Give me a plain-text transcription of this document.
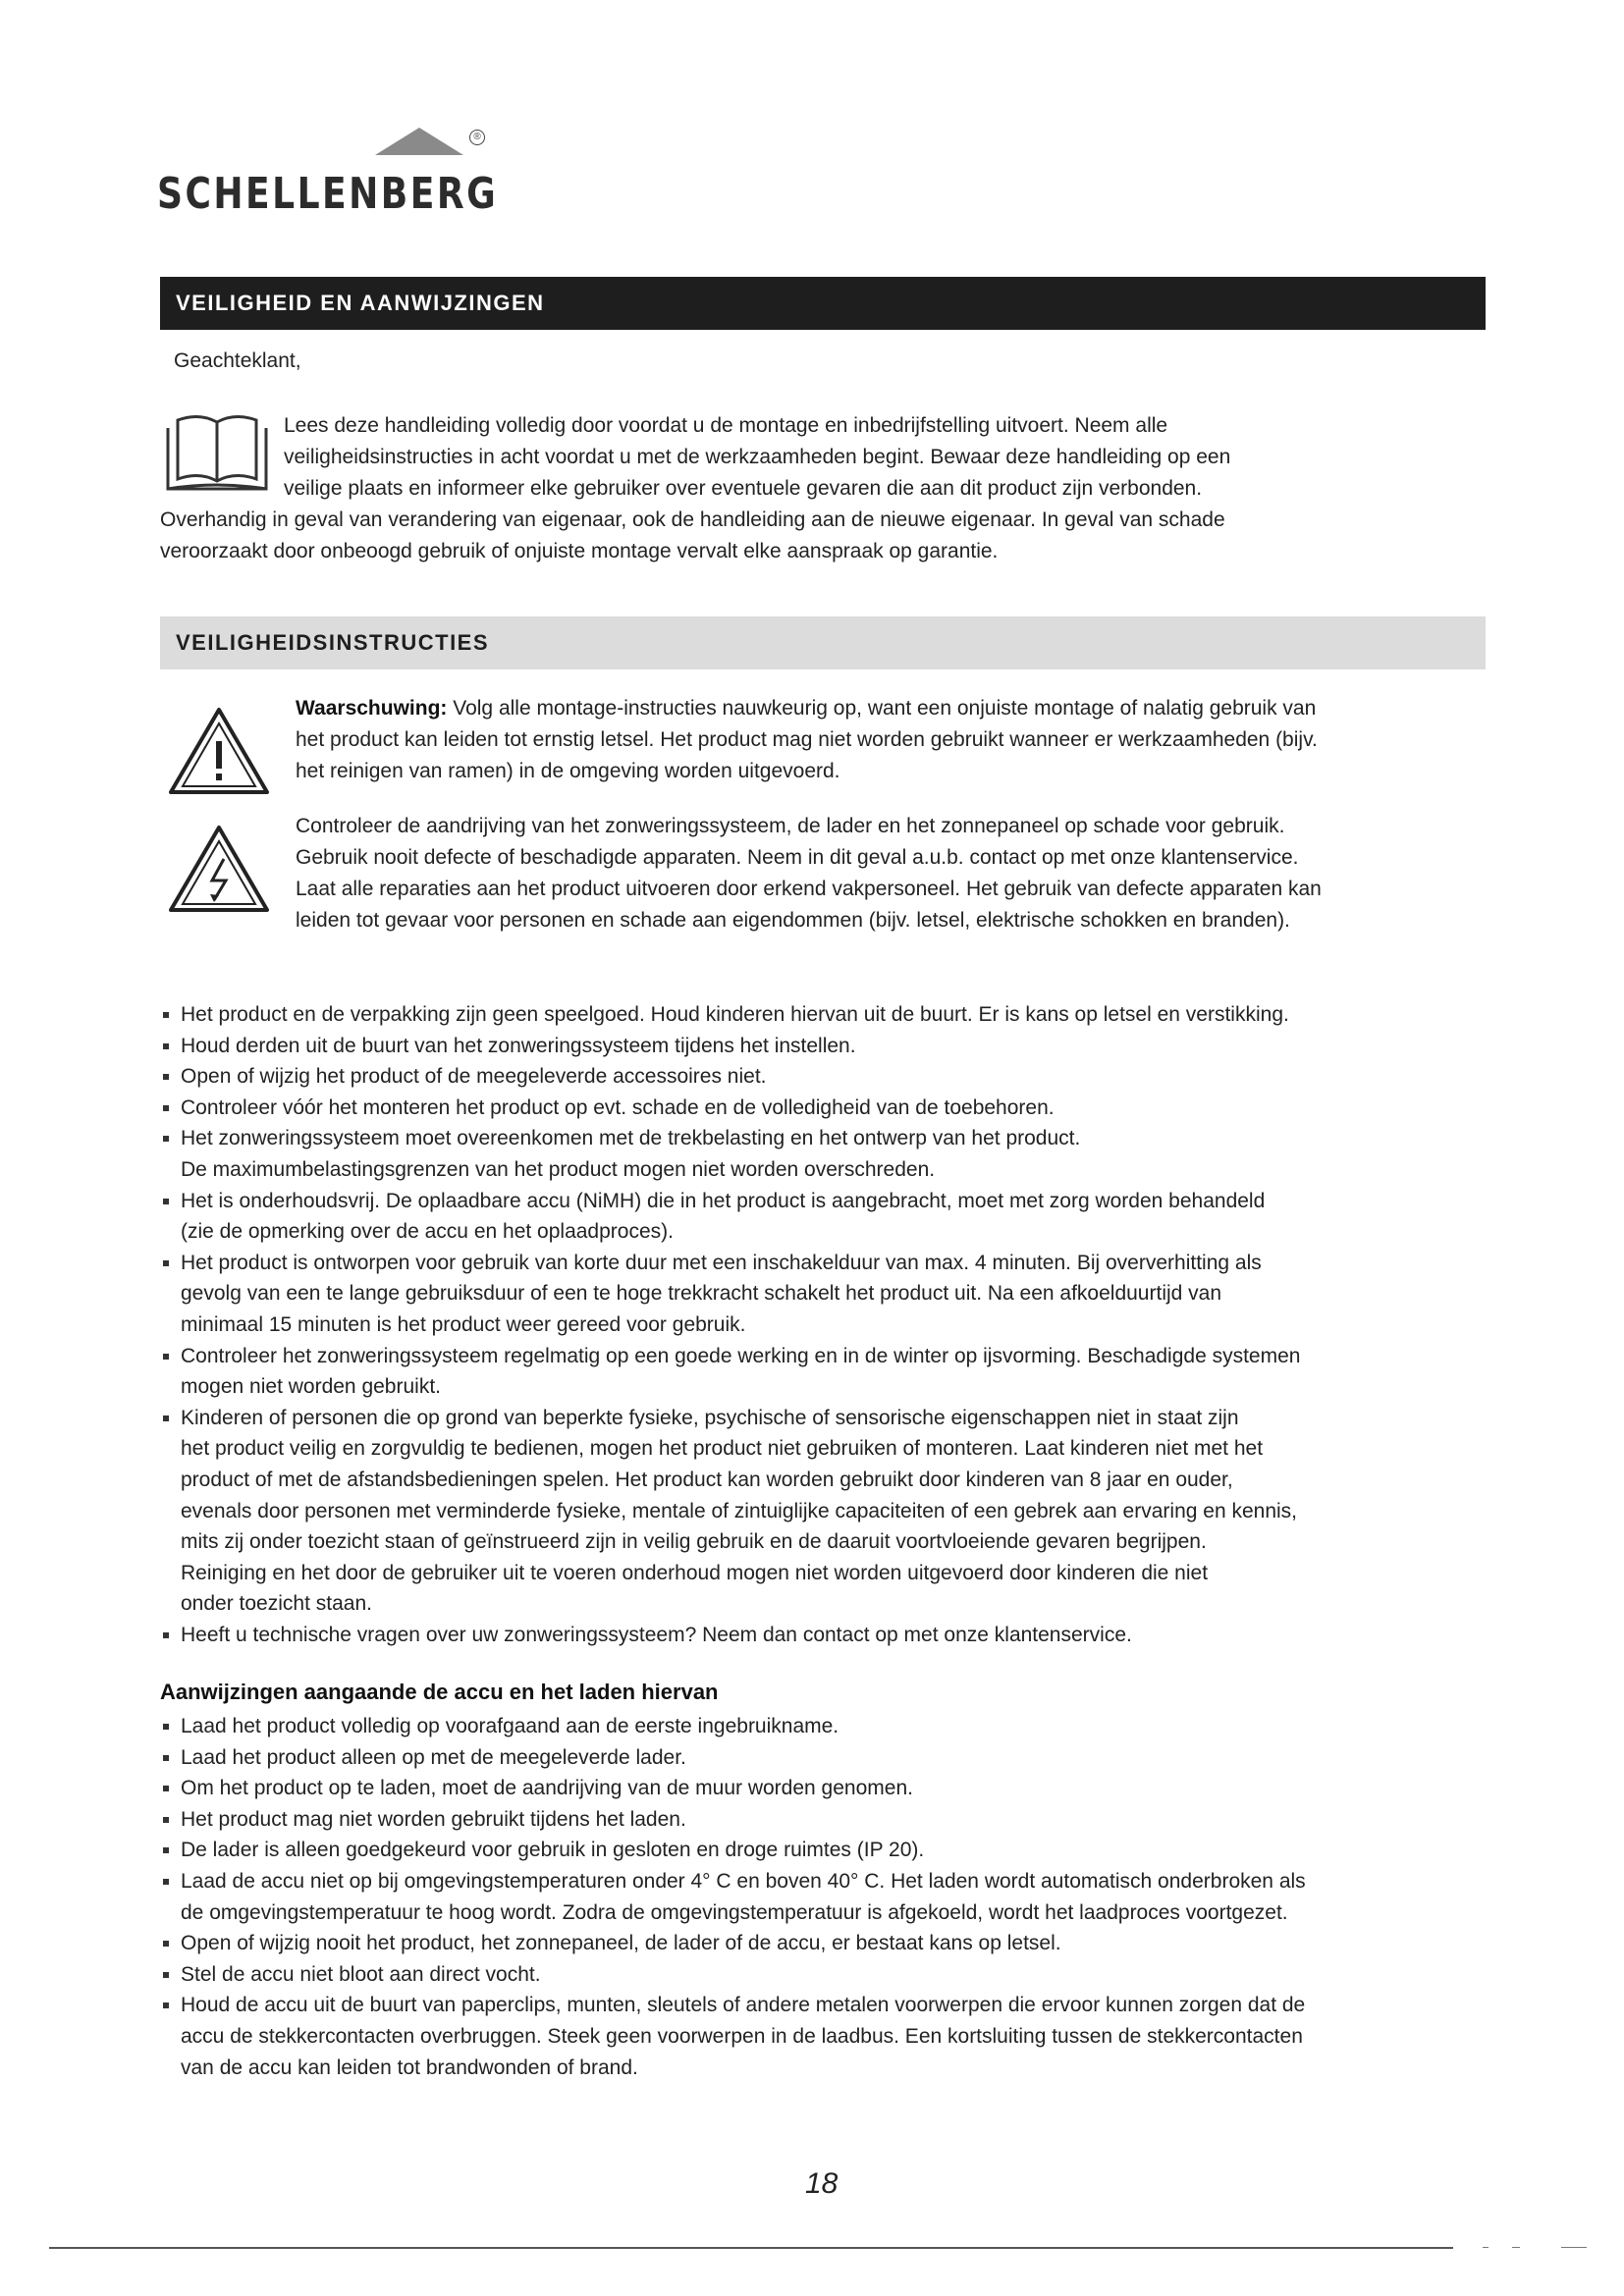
®
SCHELLENBERG
VEILIGHEID EN AANWIJZINGEN
Geachteklant,
Lees deze handleiding volledig door voordat u de montage en inbedrijfstelling uitvoert. Neem alle
veiligheidsinstructies in acht voordat u met de werkzaamheden begint. Bewaar deze handleiding op een
veilige plaats en informeer elke gebruiker over eventuele gevaren die aan dit product zijn verbonden.
Overhandig in geval van verandering van eigenaar, ook de handleiding aan de nieuwe eigenaar. In geval van schade
veroorzaakt door onbeoogd gebruik of onjuiste montage vervalt elke aanspraak op garantie.
VEILIGHEIDSINSTRUCTIES
Waarschuwing: Volg alle montage-instructies nauwkeurig op, want een onjuiste montage of nalatig gebruik van
het product kan leiden tot ernstig letsel. Het product mag niet worden gebruikt wanneer er werkzaamheden (bijv.
het reinigen van ramen) in de omgeving worden uitgevoerd.
Controleer de aandrijving van het zonweringssysteem, de lader en het zonnepaneel op schade voor gebruik.
Gebruik nooit defecte of beschadigde apparaten. Neem in dit geval a.u.b. contact op met onze klantenservice.
Laat alle reparaties aan het product uitvoeren door erkend vakpersoneel. Het gebruik van defecte apparaten kan
leiden tot gevaar voor personen en schade aan eigendommen (bijv. letsel, elektrische schokken en branden).
Het product en de verpakking zijn geen speelgoed. Houd kinderen hiervan uit de buurt. Er is kans op letsel en verstikking.
Houd derden uit de buurt van het zonweringssysteem tijdens het instellen.
Open of wijzig het product of de meegeleverde accessoires niet.
Controleer vóór het monteren het product op evt. schade en de volledigheid van de toebehoren.
Het zonweringssysteem moet overeenkomen met de trekbelasting en het ontwerp van het product.
De maximumbelastingsgrenzen van het product mogen niet worden overschreden.
Het is onderhoudsvrij. De oplaadbare accu (NiMH) die in het product is aangebracht, moet met zorg worden behandeld
(zie de opmerking over de accu en het oplaadproces).
Het product is ontworpen voor gebruik van korte duur met een inschakelduur van max. 4 minuten. Bij oververhitting als
gevolg van een te lange gebruiksduur of een te hoge trekkracht schakelt het product uit. Na een afkoelduurtijd van
minimaal 15 minuten is het product weer gereed voor gebruik.
Controleer het zonweringssysteem regelmatig op een goede werking en in de winter op ijsvorming. Beschadigde systemen
mogen niet worden gebruikt.
Kinderen of personen die op grond van beperkte fysieke, psychische of sensorische eigenschappen niet in staat zijn
het product veilig en zorgvuldig te bedienen, mogen het product niet gebruiken of monteren. Laat kinderen niet met het
product of met de afstandsbedieningen spelen. Het product kan worden gebruikt door kinderen van 8 jaar en ouder,
evenals door personen met verminderde fysieke, mentale of zintuiglijke capaciteiten of een gebrek aan ervaring en kennis,
mits zij onder toezicht staan of geïnstrueerd zijn in veilig gebruik en de daaruit voortvloeiende gevaren begrijpen.
Reiniging en het door de gebruiker uit te voeren onderhoud mogen niet worden uitgevoerd door kinderen die niet
onder toezicht staan.
Heeft u technische vragen over uw zonweringssysteem? Neem dan contact op met onze klantenservice.
Aanwijzingen aangaande de accu en het laden hiervan
Laad het product volledig op voorafgaand aan de eerste ingebruikname.
Laad het product alleen op met de meegeleverde lader.
Om het product op te laden, moet de aandrijving van de muur worden genomen.
Het product mag niet worden gebruikt tijdens het laden.
De lader is alleen goedgekeurd voor gebruik in gesloten en droge ruimtes (IP 20).
Laad de accu niet op bij omgevingstemperaturen onder 4° C en boven 40° C. Het laden wordt automatisch onderbroken als
de omgevingstemperatuur te hoog wordt. Zodra de omgevingstemperatuur is afgekoeld, wordt het laadproces voortgezet.
Open of wijzig nooit het product, het zonnepaneel, de lader of de accu, er bestaat kans op letsel.
Stel de accu niet bloot aan direct vocht.
Houd de accu uit de buurt van paperclips, munten, sleutels of andere metalen voorwerpen die ervoor kunnen zorgen dat de
accu de stekkercontacten overbruggen. Steek geen voorwerpen in de laadbus. Een kortsluiting tussen de stekkercontacten
van de accu kan leiden tot brandwonden of brand.
18
